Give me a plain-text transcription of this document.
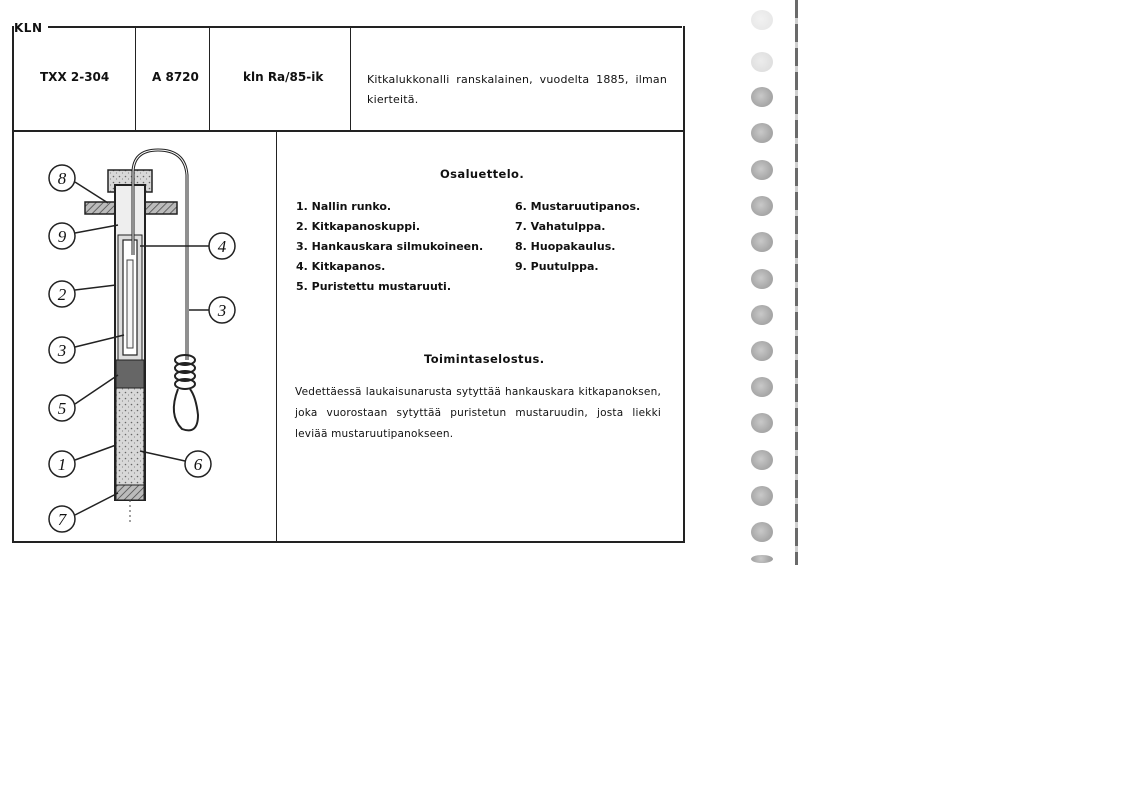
KLN
TXX 2-304	A 8720	kln Ra/85-ik	Kitkalukkonalli ranskalainen, vuodelta 1885, ilman kierteitä.
Osaluettelo.
1. Nallin runko.
2. Kitkapanoskuppi.
3. Hankauskara silmukoineen.
4. Kitkapanos.
5. Puristettu mustaruuti.
6. Mustaruutipanos.
7. Vahatulppa.
8. Huopakaulus.
9. Puutulppa.
Toimintaselostus.
Vedettäessä laukaisunarusta sytyttää hankauskara kitkapanoksen, joka vuorostaan sytyttää puristetun mustaruudin, josta liekki leviää mustaruutipanokseen.
8
9
4
2
3
3
5
1	6
7
